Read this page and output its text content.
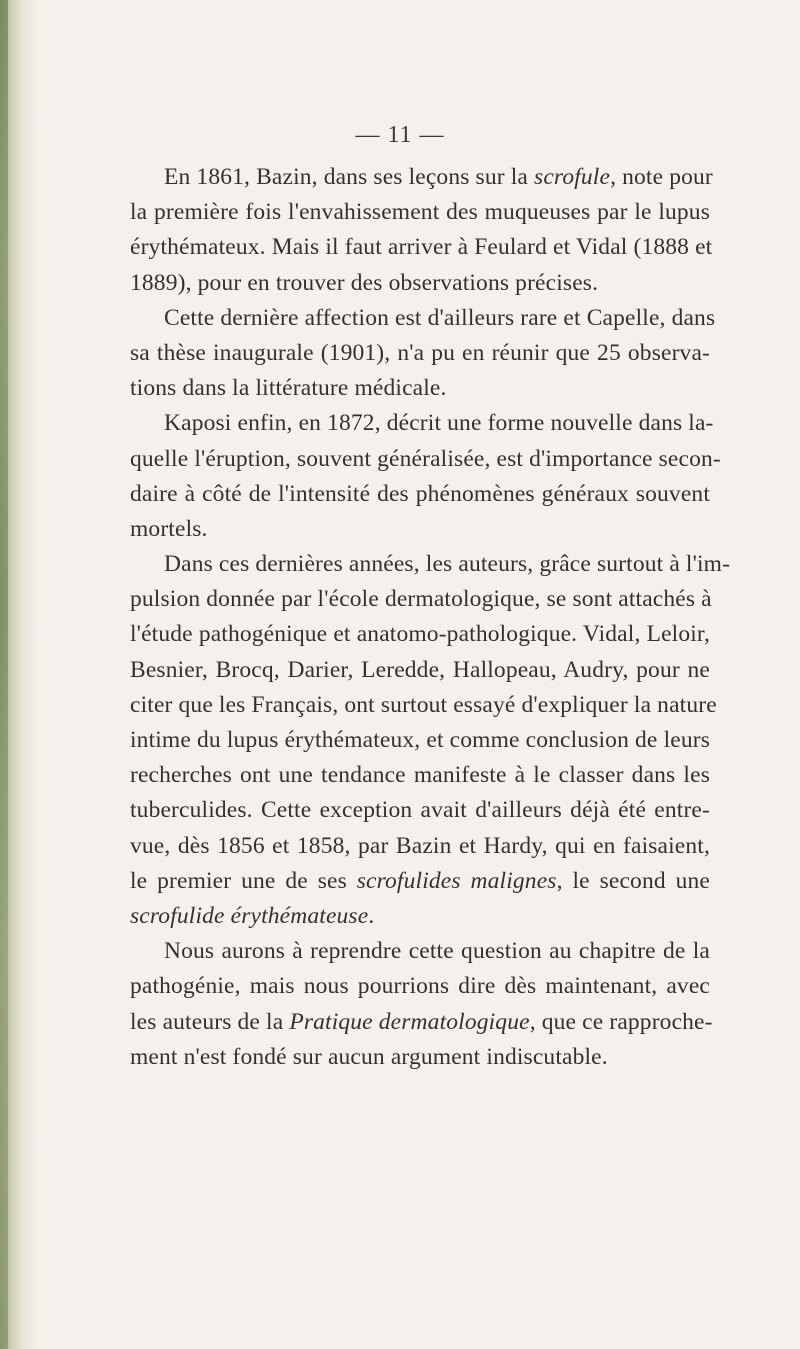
— 11 —
En 1861, Bazin, dans ses leçons sur la scrofule, note pour
la première fois l'envahissement des muqueuses par le lupus
érythémateux. Mais il faut arriver à Feulard et Vidal (1888 et
1889), pour en trouver des observations précises.
Cette dernière affection est d'ailleurs rare et Capelle, dans
sa thèse inaugurale (1901), n'a pu en réunir que 25 observa-
tions dans la littérature médicale.
Kaposi enfin, en 1872, décrit une forme nouvelle dans la-
quelle l'éruption, souvent généralisée, est d'importance secon-
daire à côté de l'intensité des phénomènes généraux souvent
mortels.
Dans ces dernières années, les auteurs, grâce surtout à l'im-
pulsion donnée par l'école dermatologique, se sont attachés à
l'étude pathogénique et anatomo-pathologique. Vidal, Leloir,
Besnier, Brocq, Darier, Leredde, Hallopeau, Audry, pour ne
citer que les Français, ont surtout essayé d'expliquer la nature
intime du lupus érythémateux, et comme conclusion de leurs
recherches ont une tendance manifeste à le classer dans les
tuberculides. Cette exception avait d'ailleurs déjà été entre-
vue, dès 1856 et 1858, par Bazin et Hardy, qui en faisaient,
le premier une de ses scrofulides malignes, le second une
scrofulide érythémateuse.
Nous aurons à reprendre cette question au chapitre de la
pathogénie, mais nous pourrions dire dès maintenant, avec
les auteurs de la Pratique dermatologique, que ce rapproche-
ment n'est fondé sur aucun argument indiscutable.
